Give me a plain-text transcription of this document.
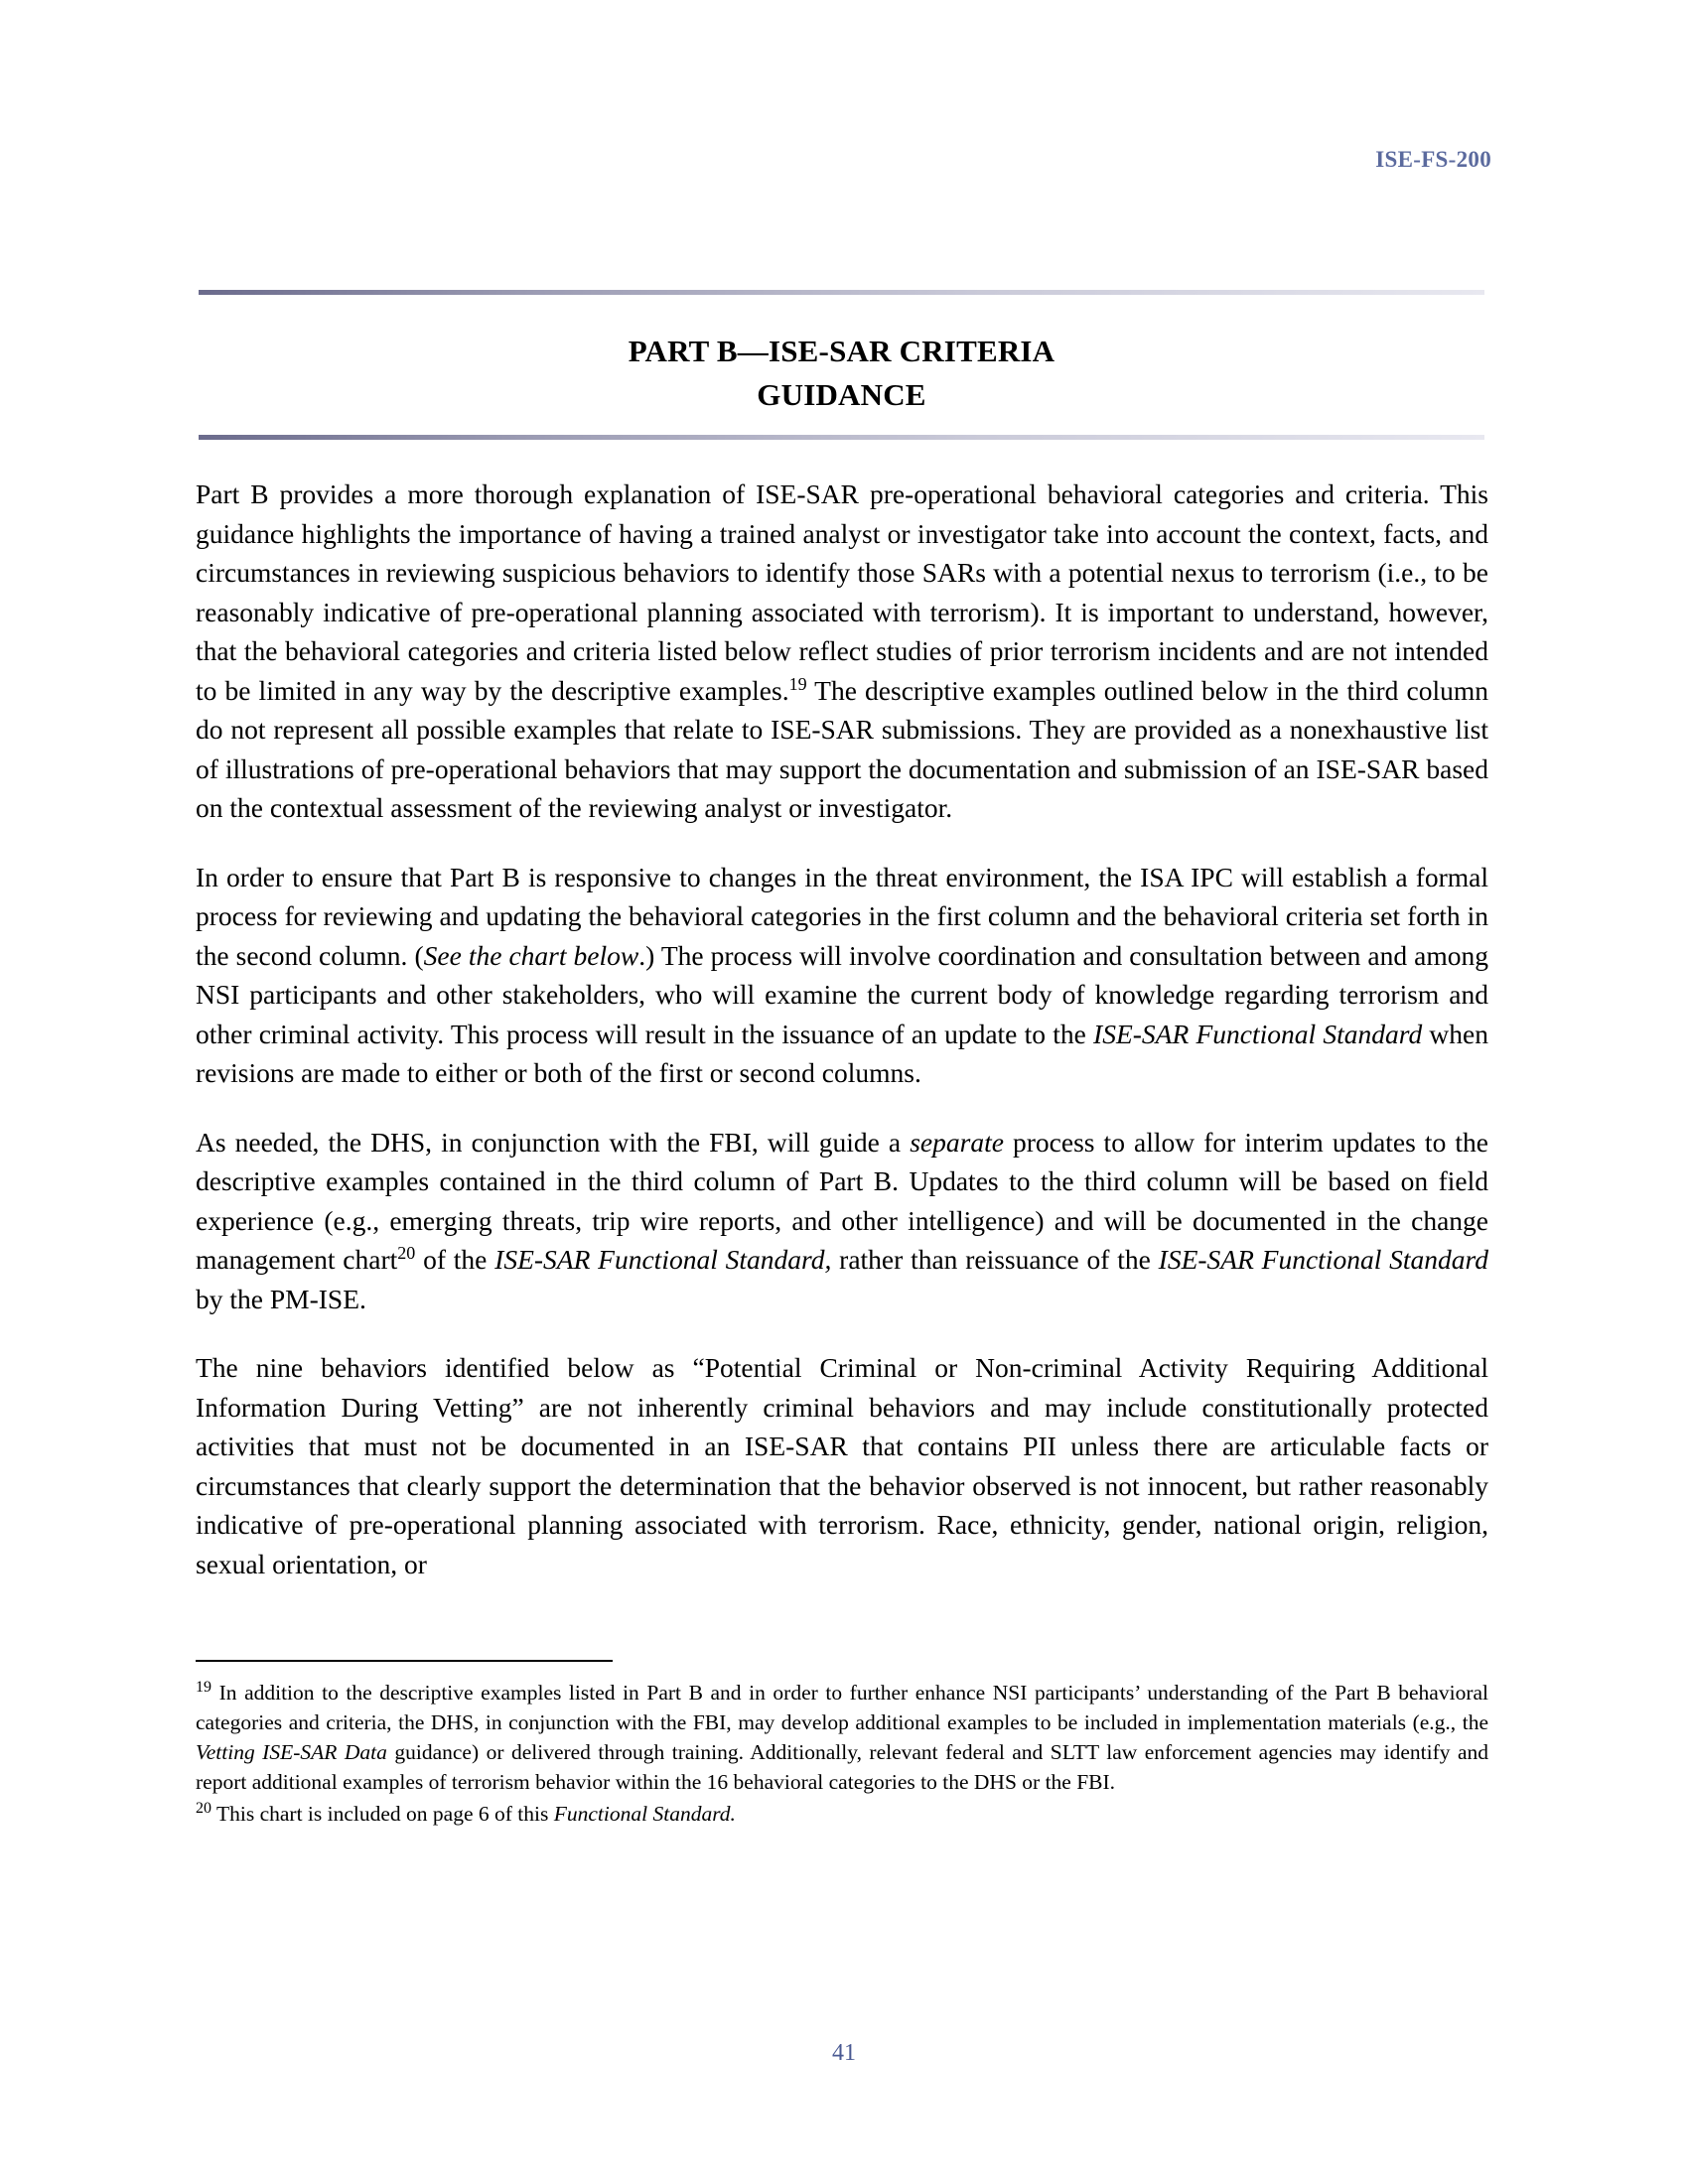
ISE-FS-200
PART B—ISE-SAR CRITERIA
GUIDANCE

Part B provides a more thorough explanation of ISE-SAR pre-operational behavioral categories and criteria. This guidance highlights the importance of having a trained analyst or investigator take into account the context, facts, and circumstances in reviewing suspicious behaviors to identify those SARs with a potential nexus to terrorism (i.e., to be reasonably indicative of pre-operational planning associated with terrorism). It is important to understand, however, that the behavioral categories and criteria listed below reflect studies of prior terrorism incidents and are not intended to be limited in any way by the descriptive examples.$^{19}$ The descriptive examples outlined below in the third column do not represent all possible examples that relate to ISE-SAR submissions. They are provided as a nonexhaustive list of illustrations of pre-operational behaviors that may support the documentation and submission of an ISE-SAR based on the contextual assessment of the reviewing analyst or investigator.

In order to ensure that Part B is responsive to changes in the threat environment, the ISA IPC will establish a formal process for reviewing and updating the behavioral categories in the first column and the behavioral criteria set forth in the second column. (See the chart below.) The process will involve coordination and consultation between and among NSI participants and other stakeholders, who will examine the current body of knowledge regarding terrorism and other criminal activity. This process will result in the issuance of an update to the ISE-SAR Functional Standard when revisions are made to either or both of the first or second columns.

As needed, the DHS, in conjunction with the FBI, will guide a separate process to allow for interim updates to the descriptive examples contained in the third column of Part B. Updates to the third column will be based on field experience (e.g., emerging threats, trip wire reports, and other intelligence) and will be documented in the change management chart$^{20}$ of the ISE-SAR Functional Standard, rather than reissuance of the ISE-SAR Functional Standard by the PM-ISE.

The nine behaviors identified below as “Potential Criminal or Non-criminal Activity Requiring Additional Information During Vetting” are not inherently criminal behaviors and may include constitutionally protected activities that must not be documented in an ISE-SAR that contains PII unless there are articulable facts or circumstances that clearly support the determination that the behavior observed is not innocent, but rather reasonably indicative of pre-operational planning associated with terrorism. Race, ethnicity, gender, national origin, religion, sexual orientation, or

$^{19}$ In addition to the descriptive examples listed in Part B and in order to further enhance NSI participants’ understanding of the Part B behavioral categories and criteria, the DHS, in conjunction with the FBI, may develop additional examples to be included in implementation materials (e.g., the Vetting ISE-SAR Data guidance) or delivered through training. Additionally, relevant federal and SLTT law enforcement agencies may identify and report additional examples of terrorism behavior within the 16 behavioral categories to the DHS or the FBI.

$^{20}$ This chart is included on page 6 of this Functional Standard.

41
